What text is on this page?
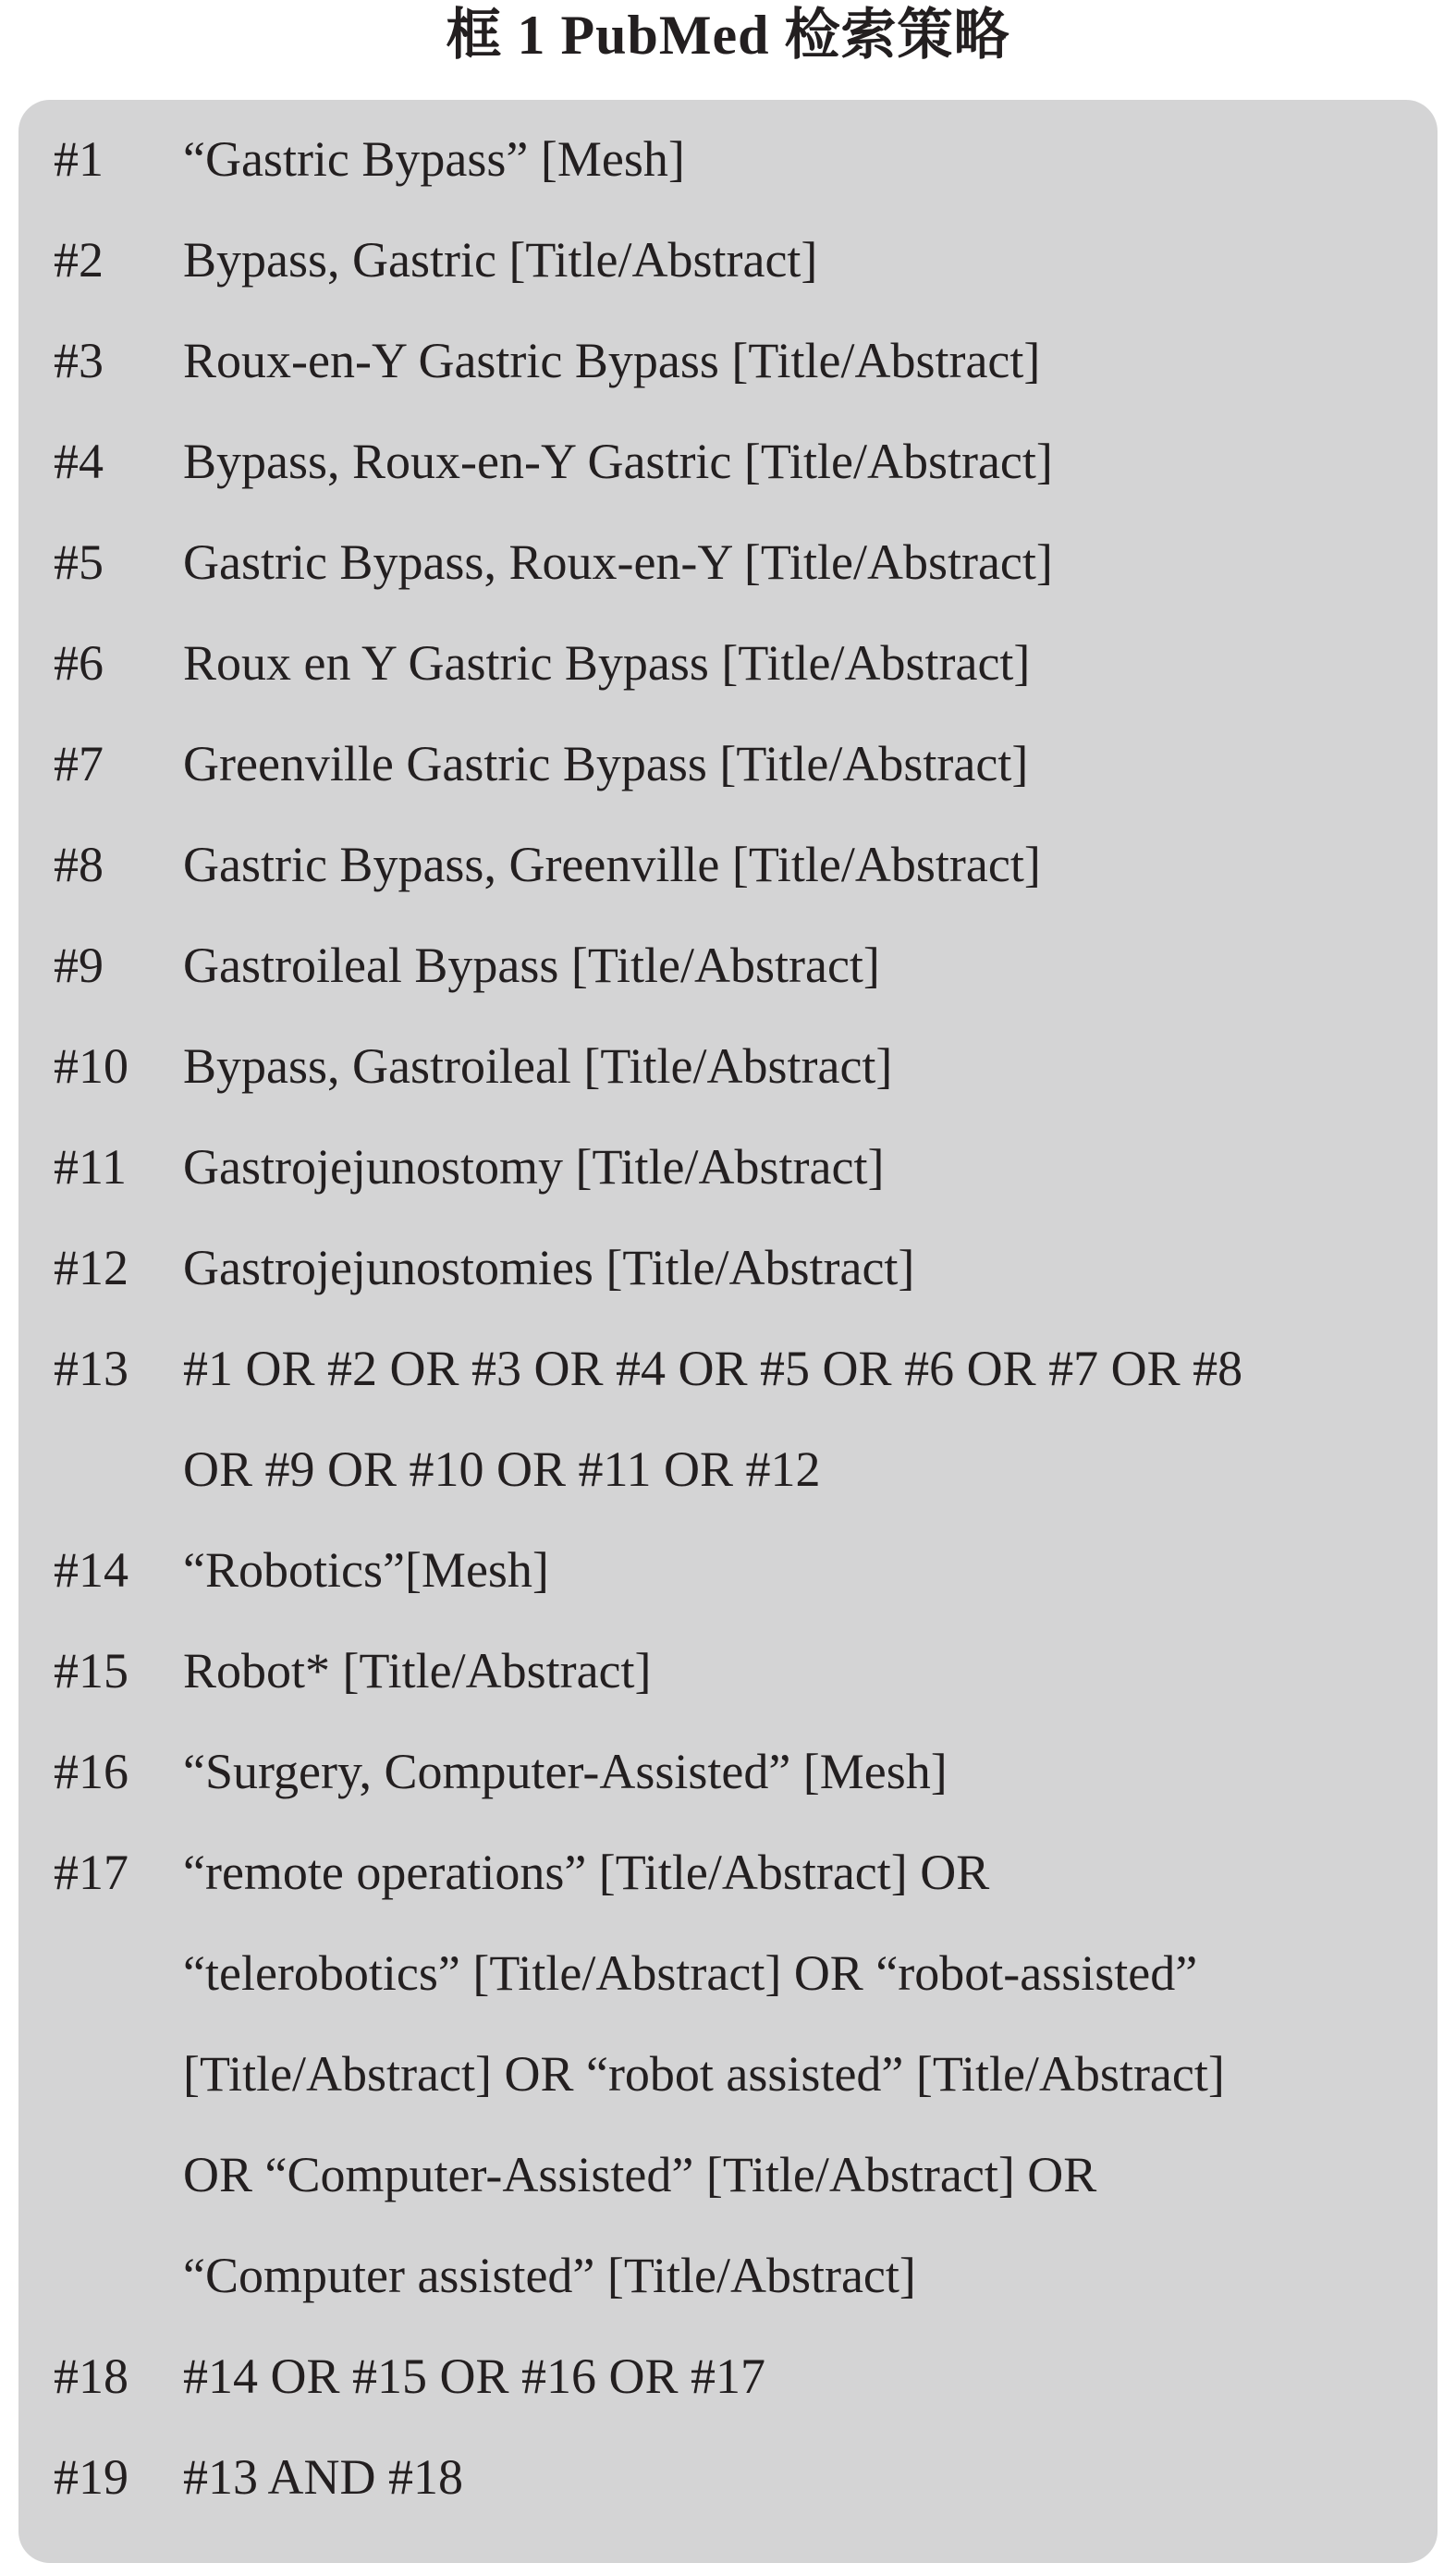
框 1 PubMed 检索策略
#1	“Gastric Bypass” [Mesh]
#2	Bypass, Gastric [Title/Abstract]
#3	Roux-en-Y Gastric Bypass [Title/Abstract]
#4	Bypass, Roux-en-Y Gastric [Title/Abstract]
#5	Gastric Bypass, Roux-en-Y [Title/Abstract]
#6	Roux en Y Gastric Bypass [Title/Abstract]
#7	Greenville Gastric Bypass [Title/Abstract]
#8	Gastric Bypass, Greenville [Title/Abstract]
#9	Gastroileal Bypass [Title/Abstract]
#10	Bypass, Gastroileal [Title/Abstract]
#11	Gastrojejunostomy [Title/Abstract]
#12	Gastrojejunostomies [Title/Abstract]
#13	#1 OR #2 OR #3 OR #4 OR #5 OR #6 OR #7 OR #8
OR #9 OR #10 OR #11 OR #12
#14	“Robotics”[Mesh]
#15	Robot* [Title/Abstract]
#16	“Surgery, Computer-Assisted” [Mesh]
#17	“remote operations” [Title/Abstract] OR
“telerobotics” [Title/Abstract] OR “robot-assisted”
[Title/Abstract] OR “robot assisted” [Title/Abstract]
OR “Computer-Assisted” [Title/Abstract] OR
“Computer assisted” [Title/Abstract]
#18	#14 OR #15 OR #16 OR #17
#19	#13 AND #18
